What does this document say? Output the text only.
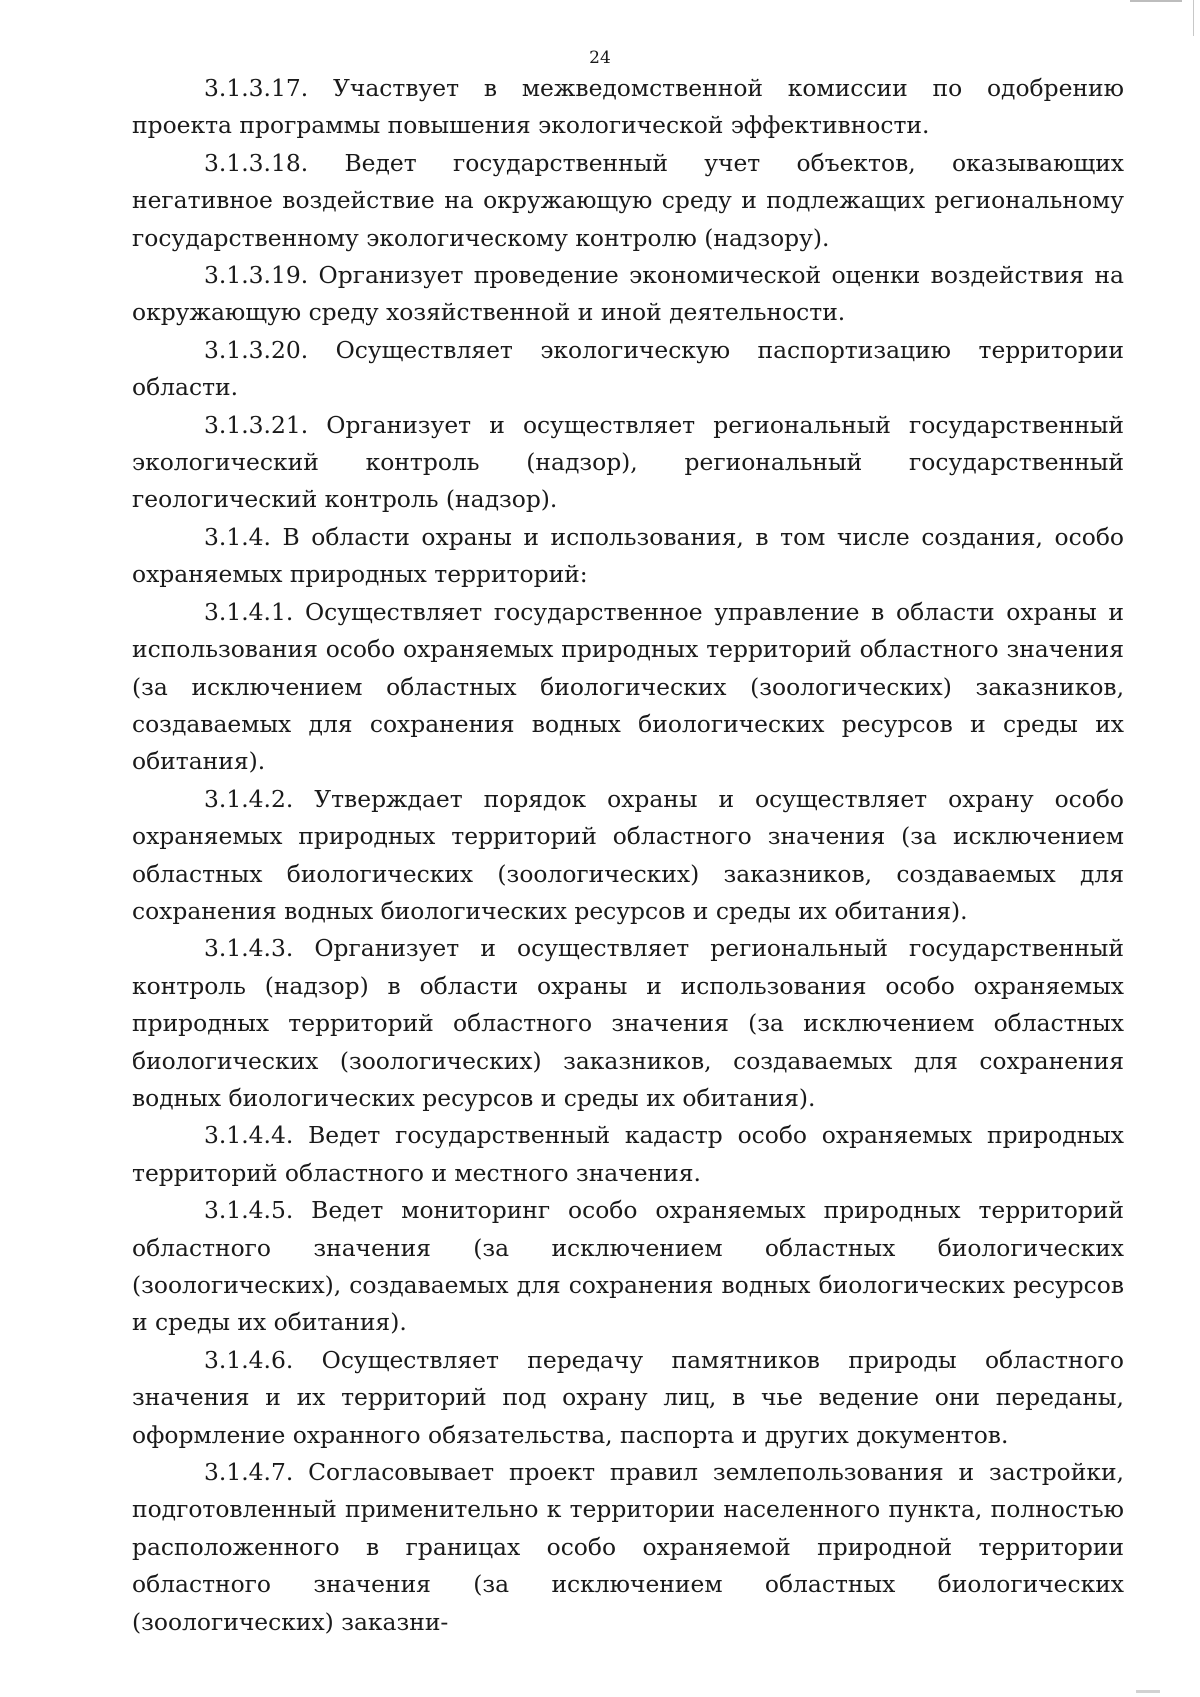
24

3.1.3.17. Участвует в межведомственной комиссии по одобрению проекта программы повышения экологической эффективности.

3.1.3.18. Ведет государственный учет объектов, оказывающих негативное воздействие на окружающую среду и подлежащих региональному государственному экологическому контролю (надзору).

3.1.3.19. Организует проведение экономической оценки воздействия на окружающую среду хозяйственной и иной деятельности.

3.1.3.20. Осуществляет экологическую паспортизацию территории области.

3.1.3.21. Организует и осуществляет региональный государственный экологический контроль (надзор), региональный государственный геологический контроль (надзор).

3.1.4. В области охраны и использования, в том числе создания, особо охраняемых природных территорий:

3.1.4.1. Осуществляет государственное управление в области охраны и использования особо охраняемых природных территорий областного значения (за исключением областных биологических (зоологических) заказников, создаваемых для сохранения водных биологических ресурсов и среды их обитания).

3.1.4.2. Утверждает порядок охраны и осуществляет охрану особо охраняемых природных территорий областного значения (за исключением областных биологических (зоологических) заказников, создаваемых для сохранения водных биологических ресурсов и среды их обитания).

3.1.4.3. Организует и осуществляет региональный государственный контроль (надзор) в области охраны и использования особо охраняемых природных территорий областного значения (за исключением областных биологических (зоологических) заказников, создаваемых для сохранения водных биологических ресурсов и среды их обитания).

3.1.4.4. Ведет государственный кадастр особо охраняемых природных территорий областного и местного значения.

3.1.4.5. Ведет мониторинг особо охраняемых природных территорий областного значения (за исключением областных биологических (зоологических), создаваемых для сохранения водных биологических ресурсов и среды их обитания).

3.1.4.6. Осуществляет передачу памятников природы областного значения и их территорий под охрану лиц, в чье ведение они переданы, оформление охранного обязательства, паспорта и других документов.

3.1.4.7. Согласовывает проект правил землепользования и застройки, подготовленный применительно к территории населенного пункта, полностью расположенного в границах особо охраняемой природной территории областного значения (за исключением областных биологических (зоологических) заказни-
